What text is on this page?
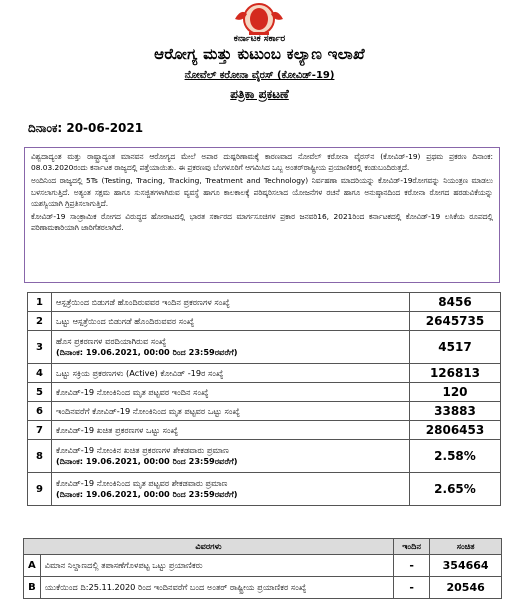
ಕರ್ನಾಟಕ ಸರ್ಕಾರ
ಆರೋಗ್ಯ ಮತ್ತು ಕುಟುಂಬ ಕಲ್ಯಾಣ ಇಲಾಖೆ
ನೋವೆಲ್ ಕರೋನಾ ವೈರಸ್ (ಕೋವಿಡ್-19)
ಪತ್ರಿಕಾ ಪ್ರಕಟಣೆ
ದಿನಾಂಕ: 20-06-2021

ವಿಶ್ವದಾದ್ಯಂತ ಮತ್ತು ರಾಷ್ಟ್ರಾದ್ಯಂತ ಮಾನವನ ಆರೋಗ್ಯದ ಮೇಲೆ ಅಪಾರ ದುಷ್ಪರಿಣಾಮಕ್ಕೆ ಕಾರಣವಾದ ನೋವೆಲ್ ಕರೋನಾ ವೈರಸ್‌ನ (ಕೋವಿಡ್-19) ಪ್ರಥಮ ಪ್ರಕರಣ ದಿನಾಂಕ: 08.03.2020ರಂದು ಕರ್ನಾಟಕ ರಾಜ್ಯದಲ್ಲಿ ಪತ್ತೆಯಾಯಿತು. ಈ ಪ್ರಕರಣವು ಬೆಂಗಳೂರಿಗೆ ಆಗಮಿಸಿದ ಒಬ್ಬ ಅಂತರ್‌ರಾಷ್ಟ್ರೀಯ ಪ್ರಯಾಣಿಕರಲ್ಲಿ ಕಂಡುಬಂದಿರುತ್ತದೆ.

ಅಂದಿನಿಂದ ರಾಜ್ಯದಲ್ಲಿ 5Ts (Testing, Tracing, Tracking, Treatment and Technology) ನಿರ್ವಹಣಾ ಮಾದರಿಯನ್ನು ಕೋವಿಡ್-19ರೋಗವನ್ನು ನಿಯಂತ್ರಣ ಮಾಡಲು ಬಳಸಲಾಗುತ್ತಿದೆ. ಅತ್ಯಂತ ಸಕ್ಷಮ ಹಾಗೂ ಸುಸಜ್ಜಿತಗಳಾಗಿರುವ ವ್ಯವಸ್ಥೆ ಹಾಗೂ ಕಾಲಕಾಲಕ್ಕೆ ಪರಿಷ್ಕರಿಸಲಾದ ಯೋಜನೆಗಳ ರಚನೆ ಹಾಗೂ ಅನುಷ್ಠಾನದಿಂದ ಕರೋನಾ ರೋಗದ ಹರಡುವಿಕೆಯನ್ನು ಯಶಸ್ವಿಯಾಗಿ ಗ್ರಿಪ್ರತಿಸಲಾಗುತ್ತಿದೆ.

ಕೋವಿಡ್-19 ಸಾಂಕ್ರಾಮಿಕ ರೋಗದ ವಿರುದ್ಧದ ಹೋರಾಟದಲ್ಲಿ ಭಾರತ ಸರ್ಕಾರದ ಮಾರ್ಗಸೂಚಿಗಳ ಪ್ರಕಾರ ಜನವರಿ16, 2021ರಿಂದ ಕರ್ನಾಟಕದಲ್ಲಿ ಕೋವಿಡ್-19 ಲಸಿಕೆಯ ರೂಪದಲ್ಲಿ ಪರಿಣಾಮಕಾರಿಯಾಗಿ ಜಾರಿಗೆತರಲಾಗಿದೆ.

1	ಆಸ್ಪತ್ರೆಯಿಂದ ಬಿಡುಗಡೆ ಹೊಂದಿರುವವರ ಇಂದಿನ ಪ್ರಕರಣಗಳ ಸಂಖ್ಯೆ	8456
2	ಒಟ್ಟು ಆಸ್ಪತ್ರೆಯಿಂದ ಬಿಡುಗಡೆ ಹೊಂದಿರುವವರ ಸಂಖ್ಯೆ	2645735
3	ಹೊಸ ಪ್ರಕರಣಗಳ ವರದಿಯಾಗಿರುವ ಸಂಖ್ಯೆ
(ದಿನಾಂಕ: 19.06.2021, 00:00 ರಿಂದ 23:59ರವರೆಗೆ)	4517
4	ಒಟ್ಟು ಸಕ್ರಿಯ ಪ್ರಕರಣಗಳು (Active) ಕೋವಿಡ್ -19ರ ಸಂಖ್ಯೆ	126813
5	ಕೋವಿಡ್-19 ನೋಂಕಿನಿಂದ ಮೃತ ಪಟ್ಟವರ ಇಂದಿನ ಸಂಖ್ಯೆ	120
6	ಇಂದಿನವರೆಗೆ ಕೋವಿಡ್-19 ನೋಂಕಿನಿಂದ ಮೃತ ಪಟ್ಟವರ ಒಟ್ಟು ಸಂಖ್ಯೆ	33883
7	ಕೋವಿಡ್-19 ಖಚಿತ ಪ್ರಕರಣಗಳ ಒಟ್ಟು ಸಂಖ್ಯೆ	2806453
8	ಕೋವಿಡ್-19 ನೋಂಕಿನ ಖಚಿತ ಪ್ರಕರಣಗಳ ಶೇಕಡವಾರು ಪ್ರಮಾಣ
(ದಿನಾಂಕ: 19.06.2021, 00:00 ರಿಂದ 23:59ರವರೆಗೆ)	2.58%
9	ಕೋವಿಡ್-19 ನೋಂಕಿನಿಂದ ಮೃತ ಪಟ್ಟವರ ಶೇಕಡವಾರು ಪ್ರಮಾಣ
(ದಿನಾಂಕ: 19.06.2021, 00:00 ರಿಂದ 23:59ರವರೆಗೆ)	2.65%
ವಿವರಗಳು		ಇಂದಿನ	ಸಂಚಿತ
A	ವಿಮಾನ ನಿಲ್ದಾಣದಲ್ಲಿ ತಪಾಸಣೆಗೊಳಪಟ್ಟ ಒಟ್ಟು ಪ್ರಯಾಣಿಕರು	-	354664
B	ಯುಕೆಯಿಂದ ದಿ:25.11.2020 ರಿಂದ ಇಂದಿನವರೆಗೆ ಬಂದ ಅಂತರ್ ರಾಷ್ಟ್ರೀಯ ಪ್ರಯಾಣಿಕರ ಸಂಖ್ಯೆ	-	20546
